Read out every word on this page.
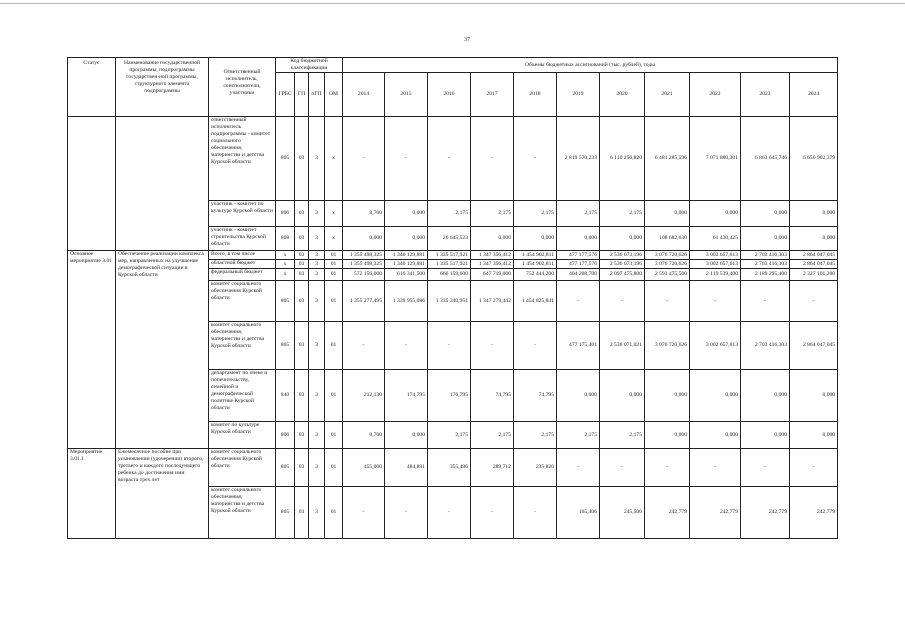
37
Статус	Наименование государственной программы, подпрограммы государствен-ной программы, структурного элемента подпрограммы	Ответственный исполнитель, соисполнители, участники	Код бюджетной классификации				Объемы бюджетных ассигнований (тыс. рублей), годы										
			ГРБС	ГП	пГП	ОМ	2014	2015	2016	2017	2018	2019	2020	2021	2022	2023	2024
		ответственный исполнитель подпрограммы - комитет социального обеспечения, материнства и детства Курской области	805	03	3	х	-	-	-	-	-	2 819 570,233	6 110 256,820	6 481 285,596	7 071 880,301	6 863 645,746	6 650 902,379
		участник - комитет по культуре Курской области	806	03	3	х	8,700	0,000	2,175	2,175	2,175	2,175	2,175	0,000	0,000	0,000	0,000
		участник - комитет строительства Курской области	808	03	3	х	0,000	0,000	26 645,523	0,000	0,000	0,000	0,000	108 682,630	61 430,425	0,000	0,000
Основное мероприятие 3.01	Обеспечение реализации комплекса мер, направленных на улучшение демографической ситуации в Курской области	Всего, в том числе	х	03	3	01	1 355 498,325	1 340 129,881	1 335 517,921	1 347 356,412	1 454 902,811	477 177,576	2 536 073,196	3 076 720,626	3 002 657,613	2 703 416,303	2 864 047,045
		областной бюджет	х	03	3	01	1 355 498,325	1 340 129,881	1 335 517,921	1 347 356,412	1 454 902,811	477 177,576	2 536 073,196	3 076 720,626	3 002 657,613	2 703 416,303	2 864 047,045
		федеральный бюджет	х	03	3	01	572 156,000	616 341,500	666 159,600	647 719,000	752 444,200	404 208,700	2 097 475,800	2 593 475,500	2 119 539,400	2 189 295,400	2 327 101,200
		комитет социального обеспечения Курской области	805	03	3	01	1 355 277,495	1 339 955,086	1 335 340,951	1 347 279,442	1 454 825,841	-	-	-	-	-	-
		комитет социального обеспечения, материнства и детства Курской области	805	03	3	01	-	-	-	-	-	477 175,401	2 536 071,021	3 076 720,626	3 002 657,613	2 703 416,303	2 864 047,045
		департамент по опеке и попечительству, семейной и демографической политике Курской области	840	03	3	01	212,130	174,795	176,795	74,795	74,795	0,000	0,000	0,000	0,000	0,000	0,000
		комитет по культуре Курской области	806	03	3	01	8,700	0,000	2,175	2,175	2,175	2,175	2,175	0,000	0,000	0,000	0,000
Мероприятие 3.01.1	Ежемесячное пособие при усыновлении (удочерении) второго, третьего и каждого последующего ребенка до достижения ими возраста трех лет	комитет социального обеспечения Курской области	805	03	3	01	455,000	484,881	355,496	289,712	235,826	-	-	-	-	-	-
		комитет социального обеспечения, материнства и детства Курской области	805	03	3	01	-	-	-	-	-	165,406	245,500	242,779	242,779	242,779	242,779
